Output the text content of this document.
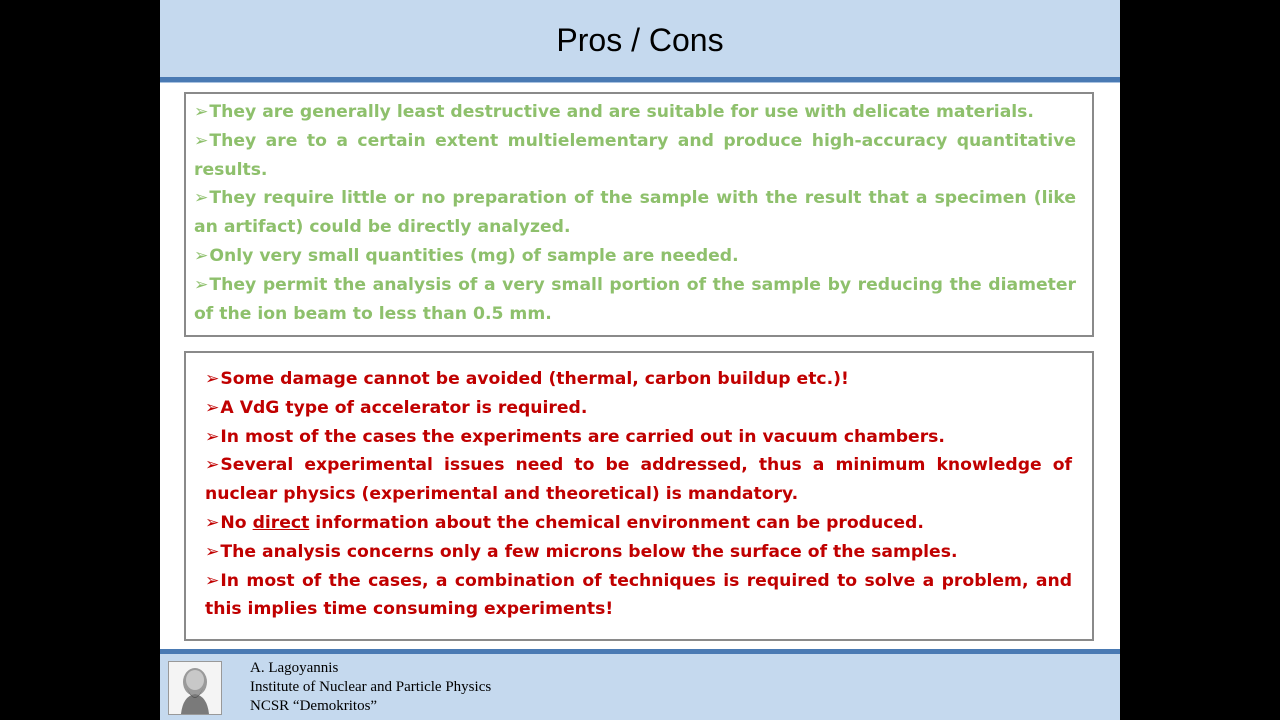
Pros / Cons

➢They are generally least destructive and are suitable for use with delicate materials.

➢They are to a certain extent multielementary and produce high-accuracy quantitative results.

➢They require little or no preparation of the sample with the result that a specimen (like an artifact) could be directly analyzed.

➢Only very small quantities (mg) of sample are needed.

➢They permit the analysis of a very small portion of the sample by reducing the diameter of the ion beam to less than 0.5 mm.

➢Some damage cannot be avoided (thermal, carbon buildup etc.)!

➢A VdG type of accelerator is required.

➢In most of the cases the experiments are carried out in vacuum chambers.

➢Several experimental issues need to be addressed, thus a minimum knowledge of nuclear physics (experimental and theoretical) is mandatory.

➢No direct information about the chemical environment can be produced.

➢The analysis concerns only a few microns below the surface of the samples.

➢In most of the cases, a combination of techniques is required to solve a problem, and this implies time consuming experiments!

A. Lagoyannis
Institute of Nuclear and Particle Physics
NCSR “Demokritos”
